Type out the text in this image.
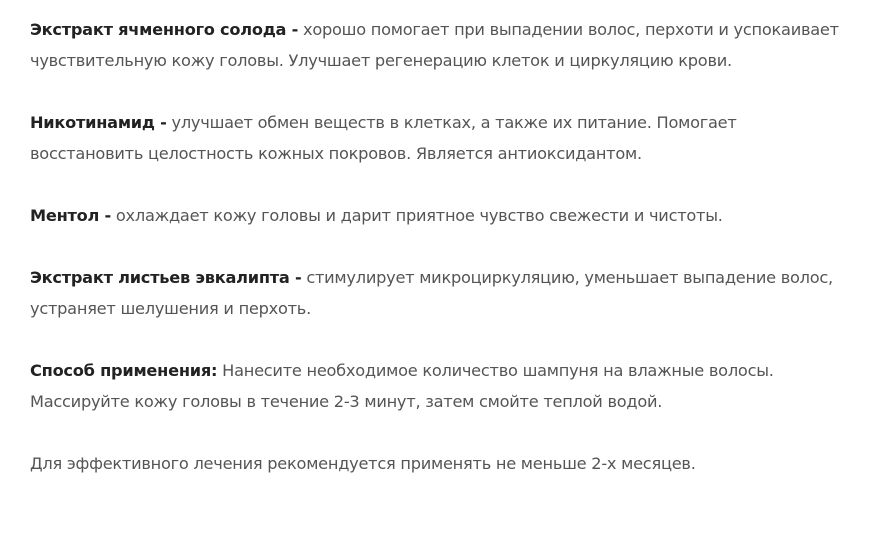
Экстракт ячменного солода - хорошо помогает при выпадении волос, перхоти и успокаивает чувствительную кожу головы. Улучшает регенерацию клеток и циркуляцию крови.

Никотинамид - улучшает обмен веществ в клетках, а также их питание. Помогает восстановить целостность кожных покровов. Является антиоксидантом.

Ментол - охлаждает кожу головы и дарит приятное чувство свежести и чистоты.

Экстракт листьев эвкалипта - стимулирует микроциркуляцию, уменьшает выпадение волос, устраняет шелушения и перхоть.

Способ применения: Нанесите необходимое количество шампуня на влажные волосы. Массируйте кожу головы в течение 2-3 минут, затем смойте теплой водой.

Для эффективного лечения рекомендуется применять не меньше 2-х месяцев.
